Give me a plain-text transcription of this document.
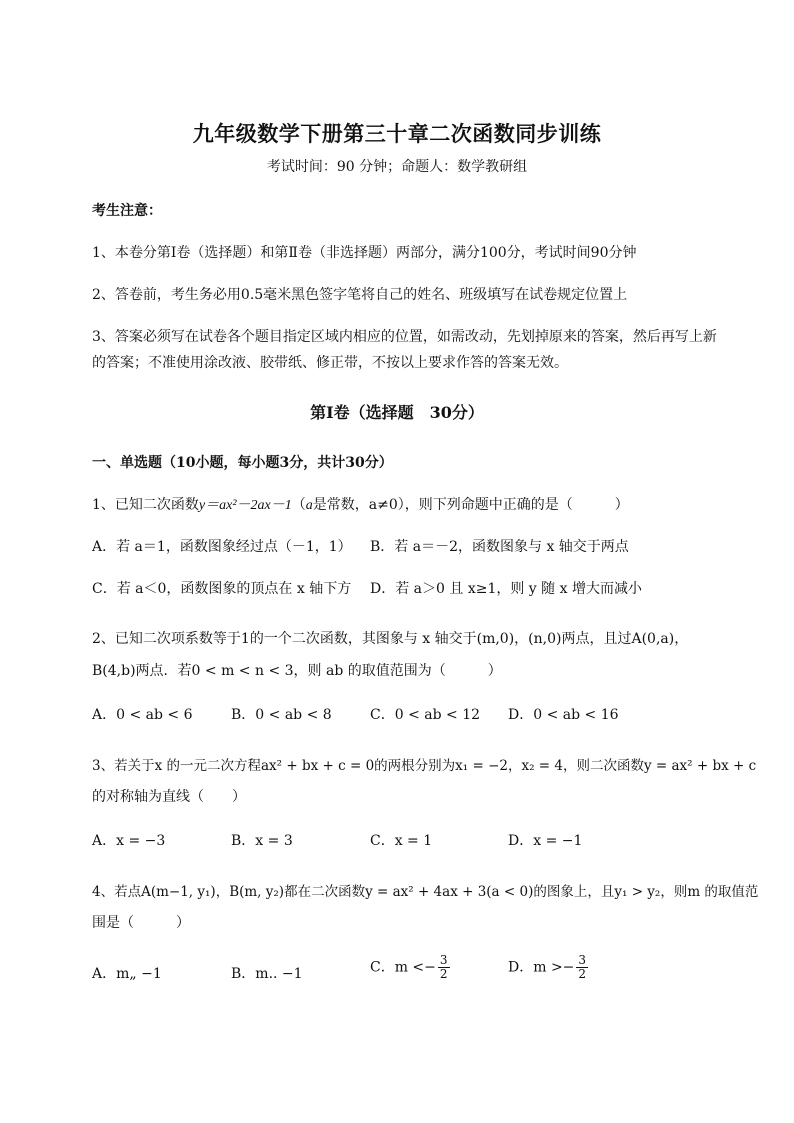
九年级数学下册第三十章二次函数同步训练
考试时间：90 分钟；命题人：数学教研组
考生注意：
1、本卷分第Ⅰ卷（选择题）和第Ⅱ卷（非选择题）两部分，满分100分，考试时间90分钟
2、答卷前，考生务必用0.5毫米黑色签字笔将自己的姓名、班级填写在试卷规定位置上
3、答案必须写在试卷各个题目指定区域内相应的位置，如需改动，先划掉原来的答案，然后再写上新
的答案；不准使用涂改液、胶带纸、修正带，不按以上要求作答的答案无效。
第Ⅰ卷（选择题　30分）
一、单选题（10小题，每小题3分，共计30分）
1、已知二次函数y＝ax²－2ax－1（a是常数，a≠0），则下列命题中正确的是（　　　）
A．若 a＝1，函数图象经过点（－1，1） B．若 a＝－2，函数图象与 x 轴交于两点
C．若 a＜0，函数图象的顶点在 x 轴下方 D．若 a＞0 且 x≥1，则 y 随 x 增大而减小
2、已知二次项系数等于1的一个二次函数，其图象与 x 轴交于(m,0)，(n,0)两点，且过A(0,a)，
B(4,b)两点．若0 < m < n < 3，则 ab 的取值范围为（　　　）
A．0 < ab < 6	B．0 < ab < 8	C．0 < ab < 12 D．0 < ab < 16
3、若关于x 的一元二次方程ax² + bx + c = 0的两根分别为x₁ = −2，x₂ = 4，则二次函数y = ax² + bx + c
的对称轴为直线（　　）
A．x = −3	B．x = 3	C．x = 1	D．x = −1
4、若点A(m−1, y₁)，B(m, y₂)都在二次函数y = ax² + 4ax + 3(a < 0)的图象上，且y₁ > y₂，则m 的取值范
围是（　　　）
A．m„ −1	B．m.. −1	C．$m <- \frac{3}{2}$	D．$m >- \frac{3}{2}$
